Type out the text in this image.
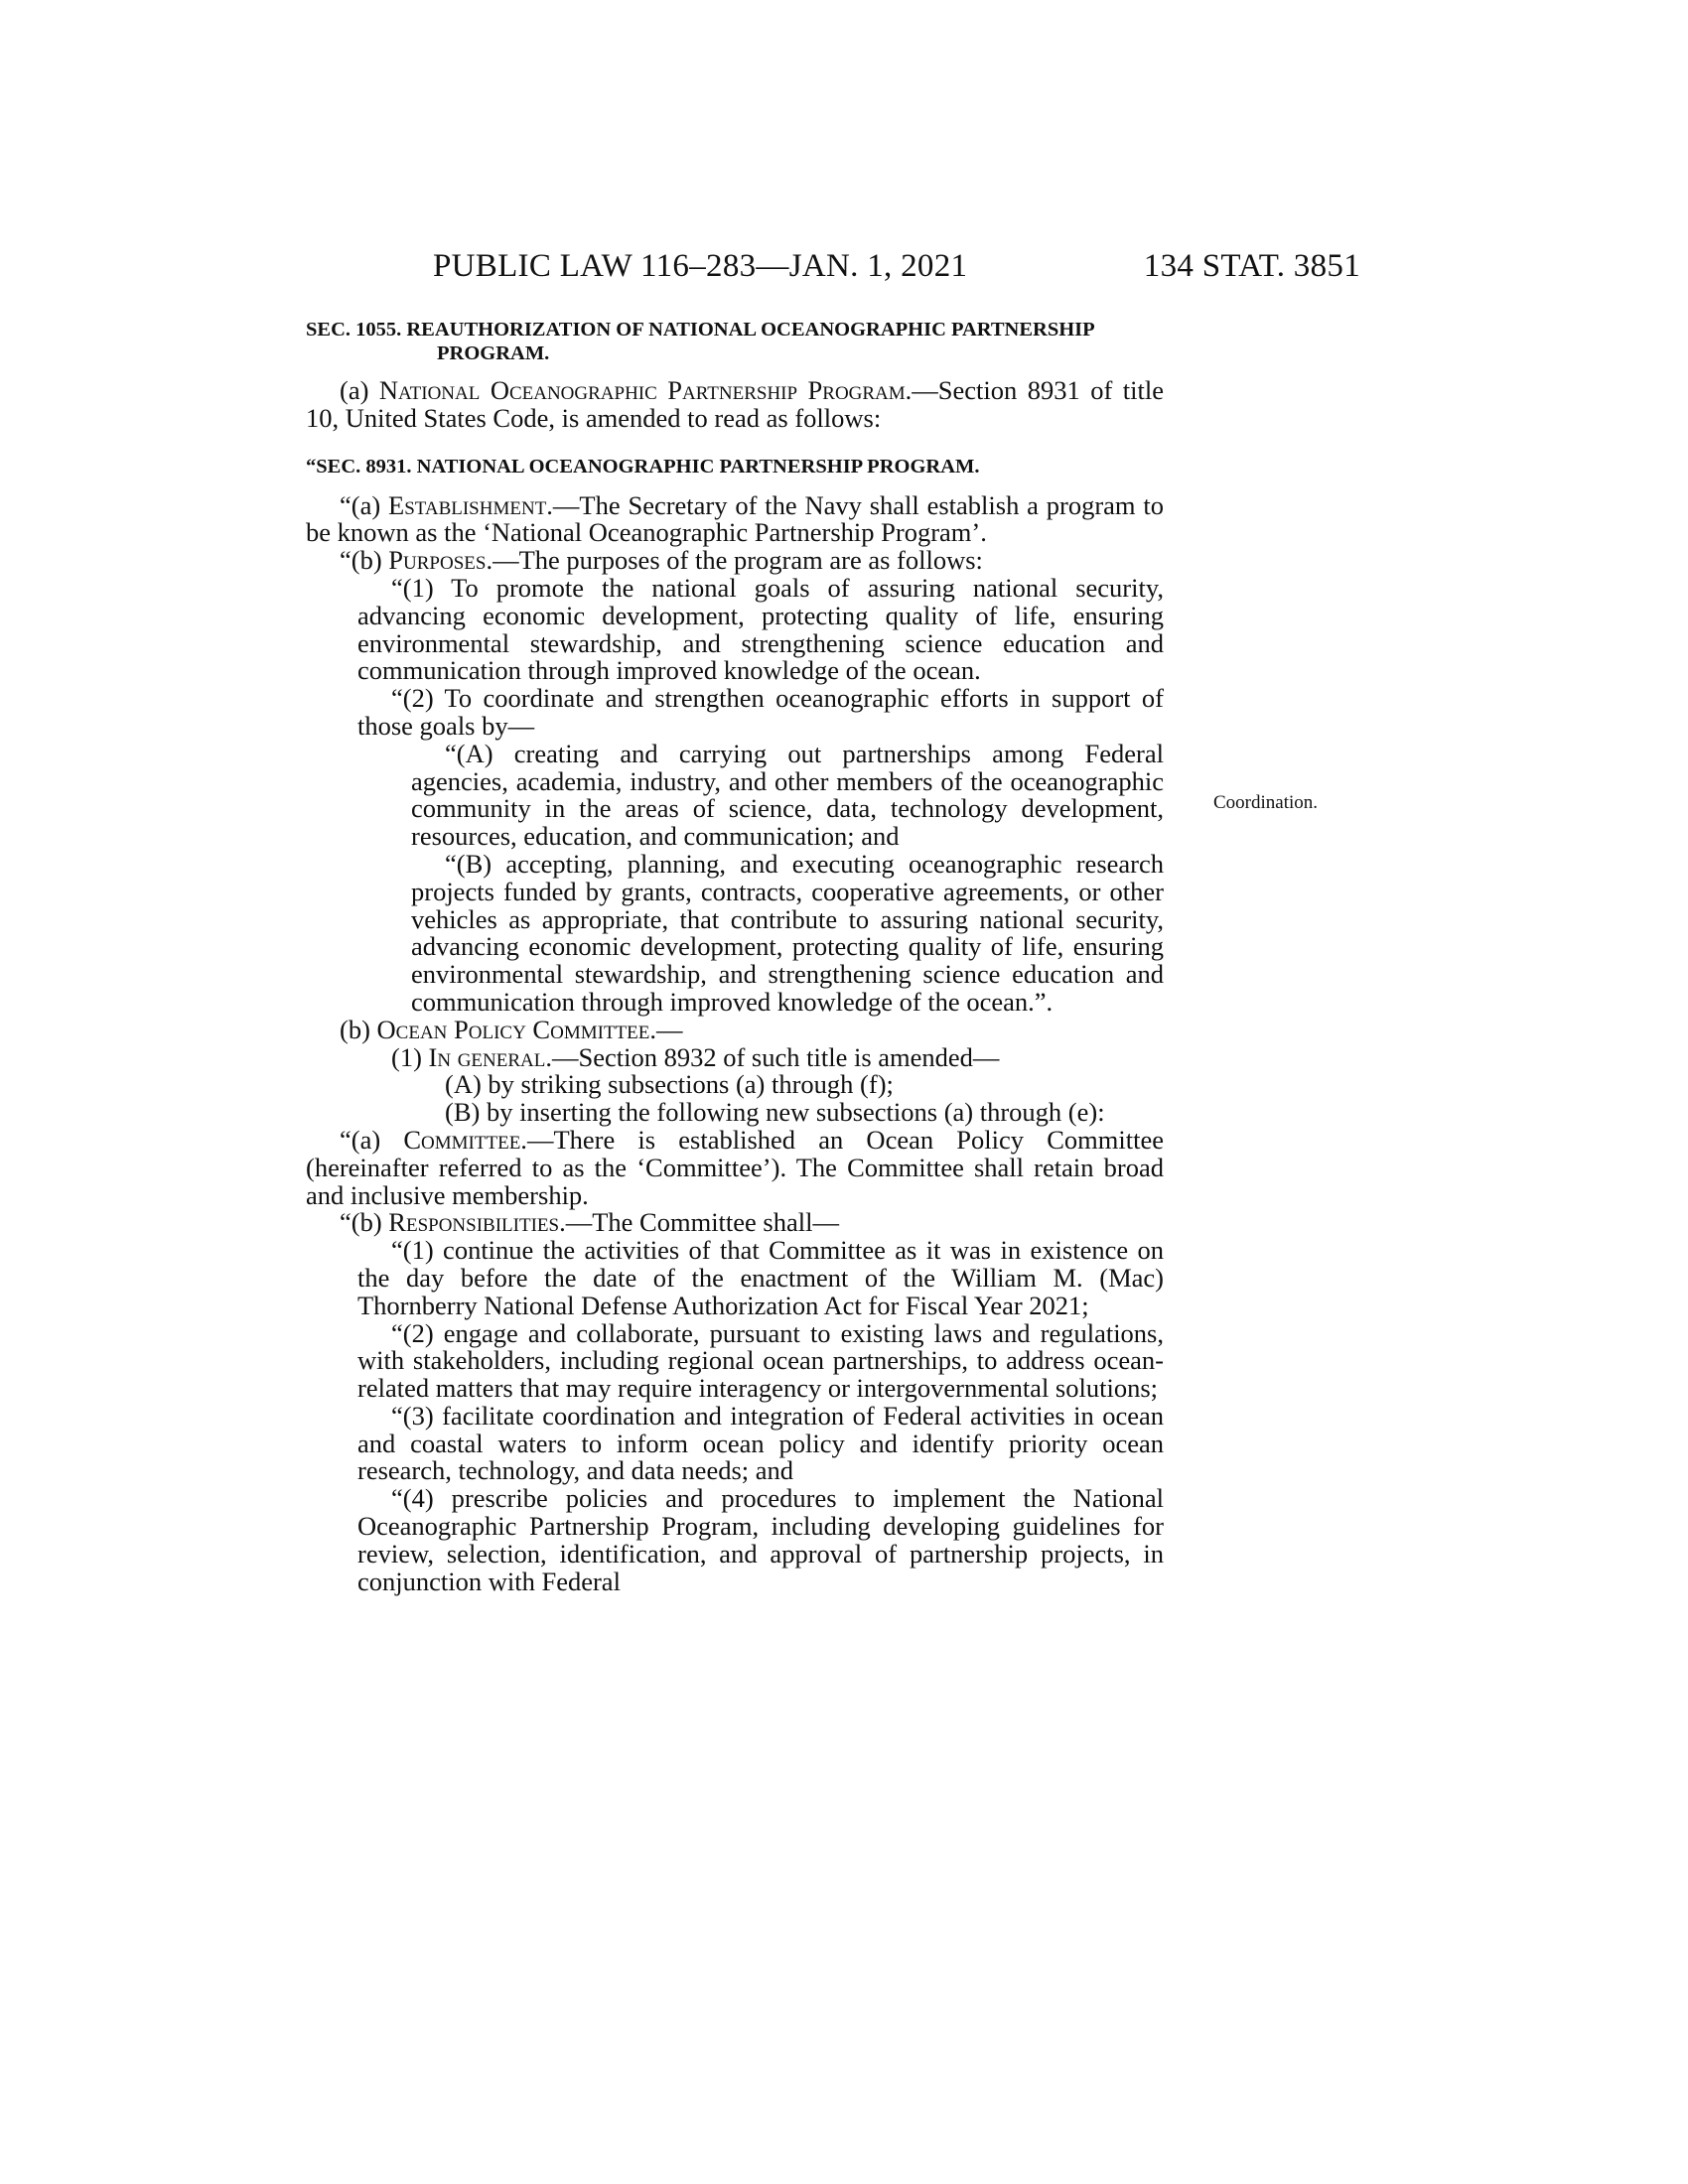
PUBLIC LAW 116–283—JAN. 1, 2021	134 STAT. 3851
Coordination.

SEC. 1055. REAUTHORIZATION OF NATIONAL OCEANOGRAPHIC PARTNERSHIP PROGRAM.

(a) National Oceanographic Partnership Program.—Section 8931 of title 10, United States Code, is amended to read as follows:

“SEC. 8931. NATIONAL OCEANOGRAPHIC PARTNERSHIP PROGRAM.

“(a) Establishment.—The Secretary of the Navy shall establish a program to be known as the ‘National Oceanographic Partnership Program’.

“(b) Purposes.—The purposes of the program are as follows:

“(1) To promote the national goals of assuring national security, advancing economic development, protecting quality of life, ensuring environmental stewardship, and strengthening science education and communication through improved knowledge of the ocean.

“(2) To coordinate and strengthen oceanographic efforts in support of those goals by—

“(A) creating and carrying out partnerships among Federal agencies, academia, industry, and other members of the oceanographic community in the areas of science, data, technology development, resources, education, and communication; and

“(B) accepting, planning, and executing oceanographic research projects funded by grants, contracts, cooperative agreements, or other vehicles as appropriate, that contribute to assuring national security, advancing economic development, protecting quality of life, ensuring environmental stewardship, and strengthening science education and communication through improved knowledge of the ocean.”.

(b) Ocean Policy Committee.—

(1) In general.—Section 8932 of such title is amended—

(A) by striking subsections (a) through (f);

(B) by inserting the following new subsections (a) through (e):

“(a) Committee.—There is established an Ocean Policy Committee (hereinafter referred to as the ‘Committee’). The Committee shall retain broad and inclusive membership.

“(b) Responsibilities.—The Committee shall—

“(1) continue the activities of that Committee as it was in existence on the day before the date of the enactment of the William M. (Mac) Thornberry National Defense Authorization Act for Fiscal Year 2021;

“(2) engage and collaborate, pursuant to existing laws and regulations, with stakeholders, including regional ocean partnerships, to address ocean-related matters that may require interagency or intergovernmental solutions;

“(3) facilitate coordination and integration of Federal activities in ocean and coastal waters to inform ocean policy and identify priority ocean research, technology, and data needs; and

“(4) prescribe policies and procedures to implement the National Oceanographic Partnership Program, including developing guidelines for review, selection, identification, and approval of partnership projects, in conjunction with Federal
